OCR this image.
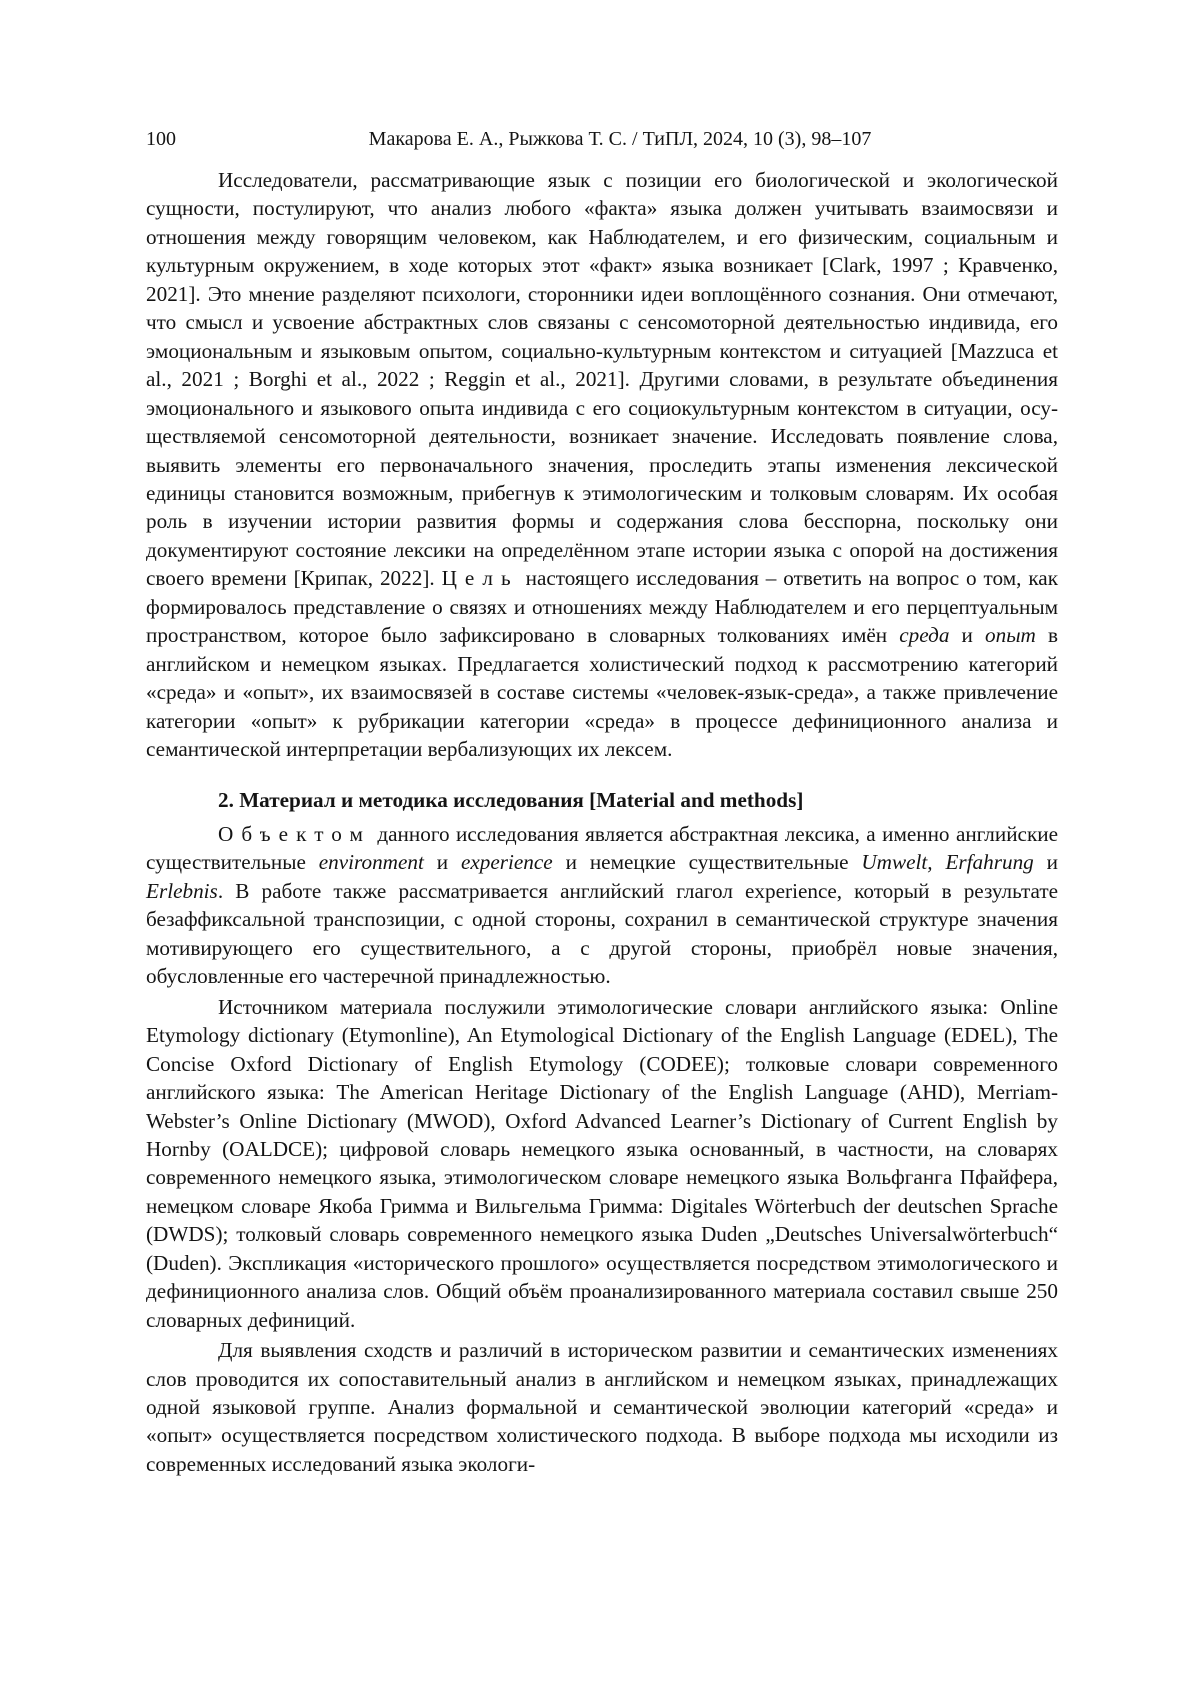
100	Макарова Е. А., Рыжкова Т. С. / ТиПЛ, 2024, 10 (3), 98–107

Исследователи, рассматривающие язык с позиции его биологической и экологической сущности, постулируют, что анализ любого «факта» языка должен учитывать взаимосвязи и отношения между говорящим человеком, как Наблюдателем, и его физическим, социальным и культурным окружением, в ходе которых этот «факт» языка возникает [Clark, 1997 ; Кравченко, 2021]. Это мнение разделяют психологи, сторонники идеи воплощённого сознания. Они отмечают, что смысл и усвоение абстрактных слов связаны с сенсомоторной деятельностью индивида, его эмоциональным и языковым опытом, социально-культурным контекстом и ситуацией [Mazzuca et al., 2021 ; Borghi et al., 2022 ; Reggin et al., 2021]. Другими словами, в результате объединения эмоционального и языкового опыта индивида с его социокультурным контекстом в ситуации, осуществляемой сенсомоторной деятельности, возникает значение. Исследовать появление слова, выявить элементы его первоначального значения, проследить этапы изменения лексической единицы становится возможным, прибегнув к этимологическим и толковым словарям. Их особая роль в изучении истории развития формы и содержания слова бесспорна, поскольку они документируют состояние лексики на определённом этапе истории языка с опорой на достижения своего времени [Крипак, 2022]. Цель настоящего исследования – ответить на вопрос о том, как формировалось представление о связях и отношениях между Наблюдателем и его перцептуальным пространством, которое было зафиксировано в словарных толкованиях имён среда и опыт в английском и немецком языках. Предлагается холистический подход к рассмотрению категорий «среда» и «опыт», их взаимосвязей в составе системы «человек-язык-среда», а также привлечение категории «опыт» к рубрикации категории «среда» в процессе дефиниционного анализа и семантической интерпретации вербализующих их лексем.

2. Материал и методика исследования [Material and methods]

Объектом данного исследования является абстрактная лексика, а именно английские существительные environment и experience и немецкие существительные Umwelt, Erfahrung и Erlebnis. В работе также рассматривается английский глагол experience, который в результате безаффиксальной транспозиции, с одной стороны, сохранил в семантической структуре значения мотивирующего его существительного, а с другой стороны, приобрёл новые значения, обусловленные его частеречной принадлежностью.

Источником материала послужили этимологические словари английского языка: Online Etymology dictionary (Etymonline), An Etymological Dictionary of the English Language (EDEL), The Concise Oxford Dictionary of English Etymology (CODEE); толковые словари современного английского языка: The American Heritage Dictionary of the English Language (AHD), Merriam-Webster’s Online Dictionary (MWOD), Oxford Advanced Learner’s Dictionary of Current English by Hornby (OALDCE); цифровой словарь немецкого языка основанный, в частности, на словарях современного немецкого языка, этимологическом словаре немецкого языка Вольфганга Пфайфера, немецком словаре Якоба Гримма и Вильгельма Гримма: Digitales Wörterbuch der deutschen Sprache (DWDS); толковый словарь современного немецкого языка Duden „Deutsches Universalwörterbuch“ (Duden). Экспликация «исторического прошлого» осуществляется посредством этимологического и дефиниционного анализа слов. Общий объём проанализированного материала составил свыше 250 словарных дефиниций.

Для выявления сходств и различий в историческом развитии и семантических изменениях слов проводится их сопоставительный анализ в английском и немецком языках, принадлежащих одной языковой группе. Анализ формальной и семантической эволюции категорий «среда» и «опыт» осуществляется посредством холистического подхода. В выборе подхода мы исходили из современных исследований языка экологи-
